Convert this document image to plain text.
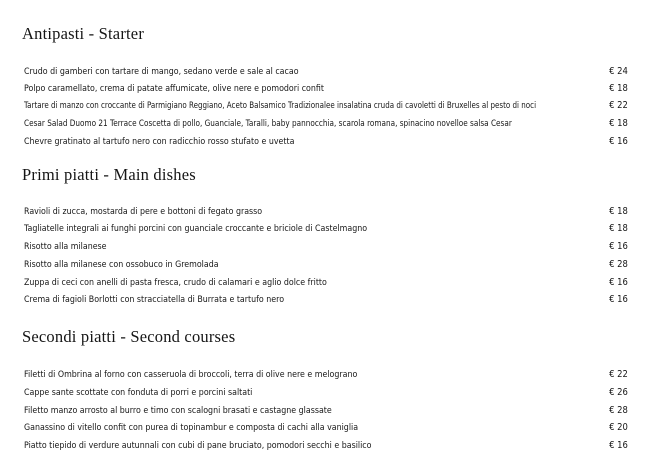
Antipasti - Starter
Crudo di gamberi con tartare di mango, sedano verde e sale al cacao	€ 24
Polpo caramellato, crema di patate affumicate, olive nere e pomodori confit	€ 18
Tartare di manzo con croccante di Parmigiano Reggiano, Aceto Balsamico Tradizionalee insalatina cruda di cavoletti di Bruxelles al pesto di noci	€ 22
Cesar Salad Duomo 21 Terrace Coscetta di pollo, Guanciale, Taralli, baby pannocchia, scarola romana, spinacino novelloe salsa Cesar	€ 18
Chevre gratinato al tartufo nero con radicchio rosso stufato e uvetta	€ 16
Primi piatti - Main dishes
Ravioli di zucca, mostarda di pere e bottoni di fegato grasso	€ 18
Tagliatelle integrali ai funghi porcini con guanciale croccante e briciole di Castelmagno	€ 18
Risotto alla milanese	€ 16
Risotto alla milanese con ossobuco in Gremolada	€ 28
Zuppa di ceci con anelli di pasta fresca, crudo di calamari e aglio dolce fritto	€ 16
Crema di fagioli Borlotti con stracciatella di Burrata e tartufo nero	€ 16
Secondi piatti - Second courses
Filetti di Ombrina al forno con casseruola di broccoli, terra di olive nere e melograno	€ 22
Cappe sante scottate con fonduta di porri e porcini saltati	€ 26
Filetto manzo arrosto al burro e timo con scalogni brasati e castagne glassate	€ 28
Ganassino di vitello confit con purea di topinambur e composta di cachi alla vaniglia	€ 20
Piatto tiepido di verdure autunnali con cubi di pane bruciato, pomodori secchi e basilico	€ 16
